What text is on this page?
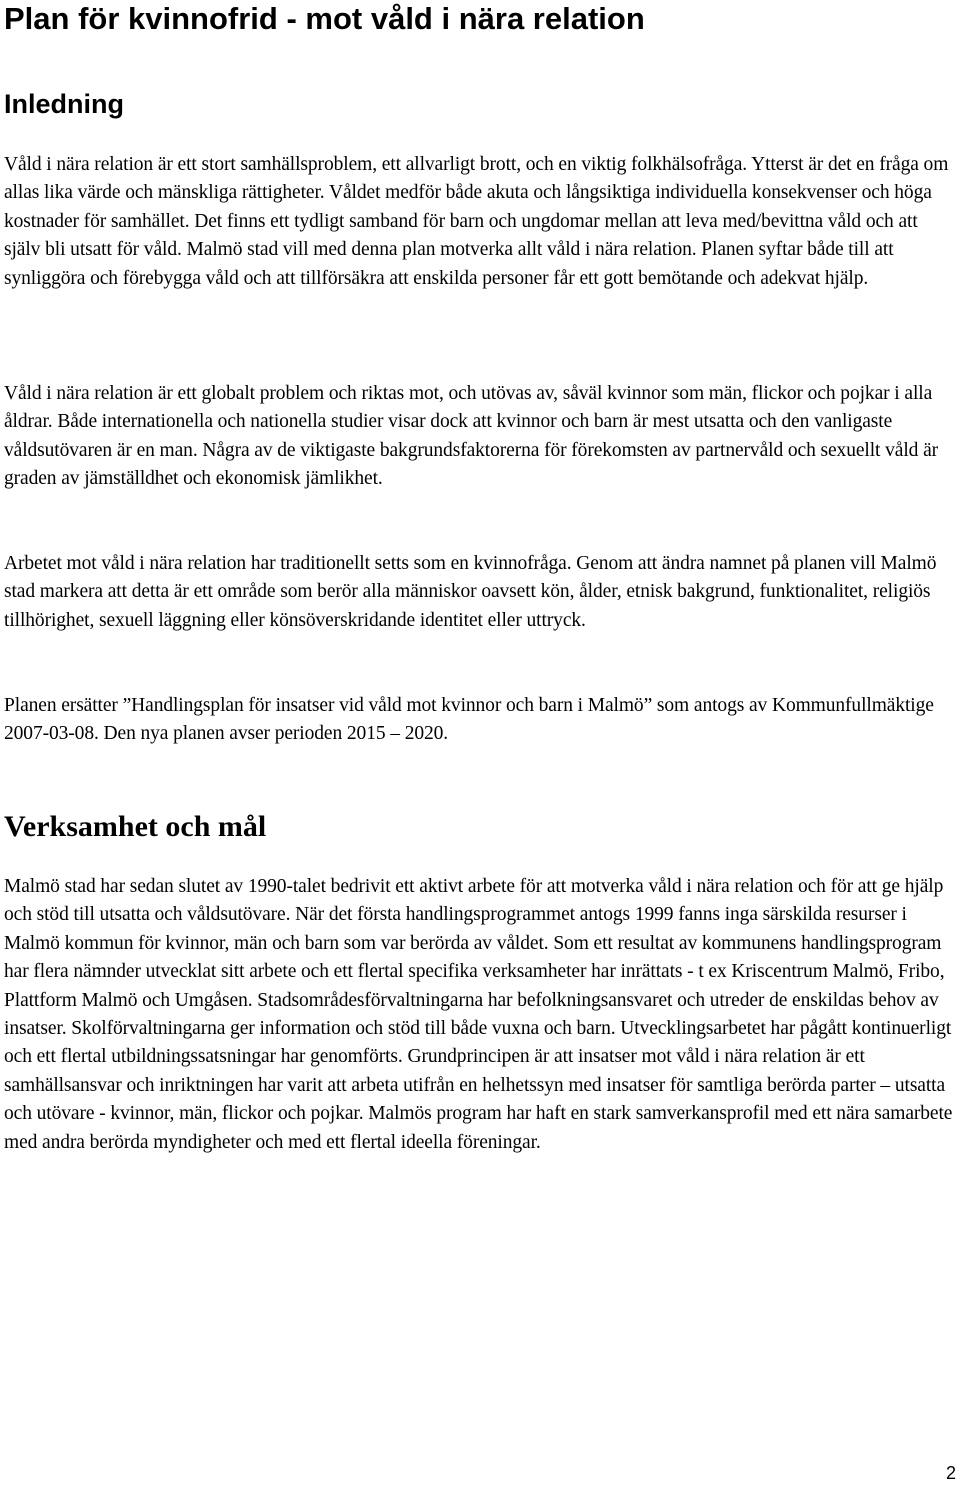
Plan för kvinnofrid - mot våld i nära relation
Inledning

Våld i nära relation är ett stort samhällsproblem, ett allvarligt brott, och en viktig folkhälsofråga. Ytterst är det en fråga om allas lika värde och mänskliga rättigheter. Våldet medför både akuta och långsiktiga individuella konsekvenser och höga kostnader för samhället. Det finns ett tydligt samband för barn och ungdomar mellan att leva med/bevittna våld och att själv bli utsatt för våld. Malmö stad vill med denna plan motverka allt våld i nära relation. Planen syftar både till att synliggöra och förebygga våld och att tillförsäkra att enskilda personer får ett gott bemötande och adekvat hjälp.

Våld i nära relation är ett globalt problem och riktas mot, och utövas av, såväl kvinnor som män, flickor och pojkar i alla åldrar. Både internationella och nationella studier visar dock att kvinnor och barn är mest utsatta och den vanligaste våldsutövaren är en man. Några av de viktigaste bakgrundsfaktorerna för förekomsten av partnervåld och sexuellt våld är graden av jämställdhet och ekonomisk jämlikhet.

Arbetet mot våld i nära relation har traditionellt setts som en kvinnofråga. Genom att ändra namnet på planen vill Malmö stad markera att detta är ett område som berör alla människor oavsett kön, ålder, etnisk bakgrund, funktionalitet, religiös tillhörighet, sexuell läggning eller könsöverskridande identitet eller uttryck.

Planen ersätter ”Handlingsplan för insatser vid våld mot kvinnor och barn i Malmö” som antogs av Kommunfullmäktige 2007-03-08. Den nya planen avser perioden 2015 – 2020.

Verksamhet och mål

Malmö stad har sedan slutet av 1990-talet bedrivit ett aktivt arbete för att motverka våld i nära relation och för att ge hjälp och stöd till utsatta och våldsutövare. När det första handlingsprogrammet antogs 1999 fanns inga särskilda resurser i Malmö kommun för kvinnor, män och barn som var berörda av våldet. Som ett resultat av kommunens handlingsprogram har flera nämnder utvecklat sitt arbete och ett flertal specifika verksamheter har inrättats - t ex Kriscentrum Malmö, Fribo, Plattform Malmö och Umgåsen. Stadsområdesförvaltningarna har befolkningsansvaret och utreder de enskildas behov av insatser. Skolförvaltningarna ger information och stöd till både vuxna och barn. Utvecklingsarbetet har pågått kontinuerligt och ett flertal utbildningssatsningar har genomförts. Grundprincipen är att insatser mot våld i nära relation är ett samhällsansvar och inriktningen har varit att arbeta utifrån en helhetssyn med insatser för samtliga berörda parter – utsatta och utövare - kvinnor, män, flickor och pojkar. Malmös program har haft en stark samverkansprofil med ett nära samarbete med andra berörda myndigheter och med ett flertal ideella föreningar.

2
